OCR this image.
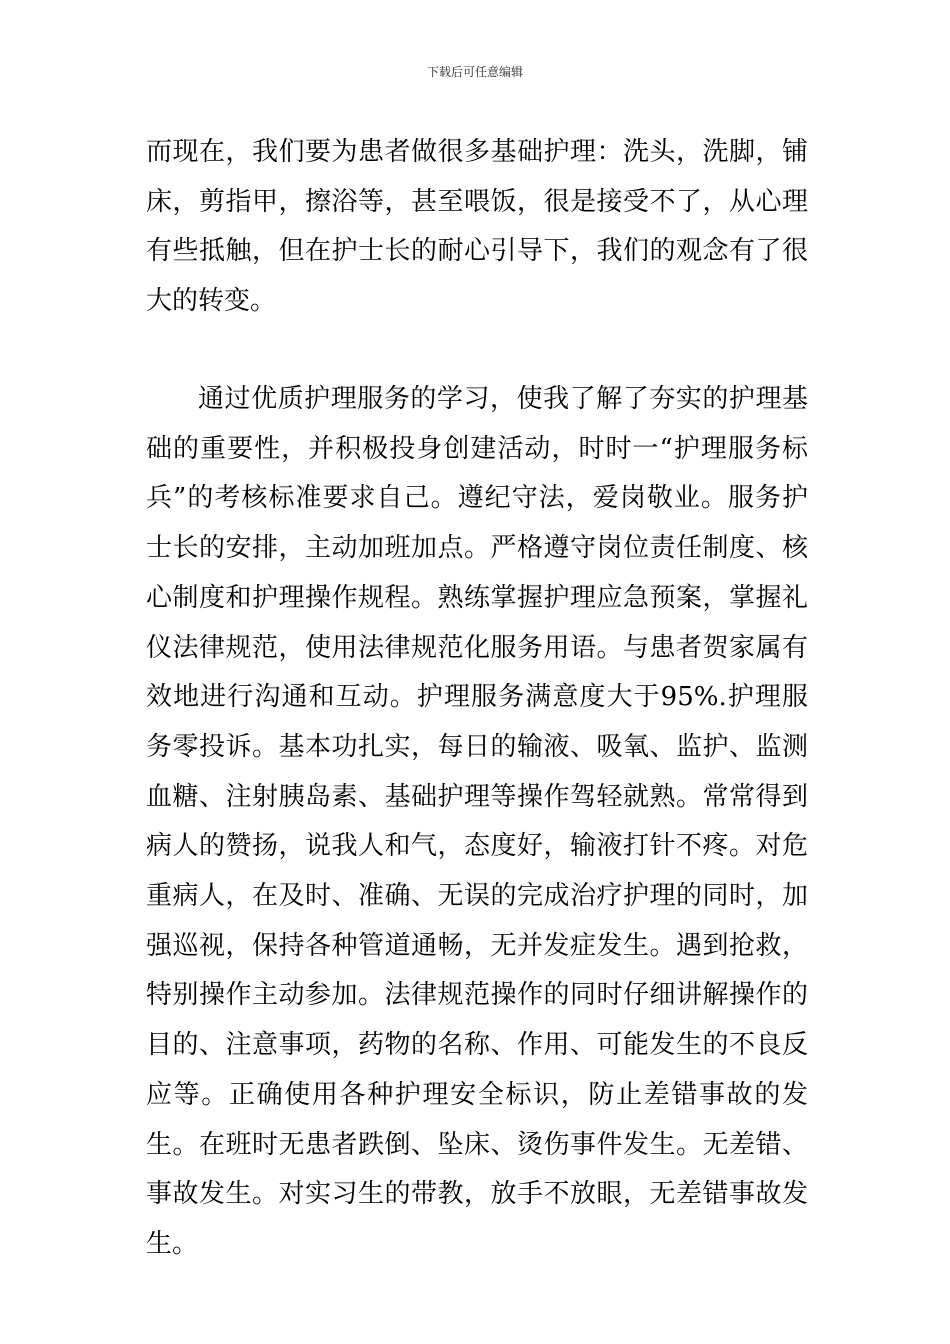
下载后可任意编辑

而现在，我们要为患者做很多基础护理：洗头，洗脚，铺床，剪指甲，擦浴等，甚至喂饭，很是接受不了，从心理有些抵触，但在护士长的耐心引导下，我们的观念有了很大的转变。

通过优质护理服务的学习，使我了解了夯实的护理基础的重要性，并积极投身创建活动，时时一“护理服务标兵”的考核标准要求自己。遵纪守法，爱岗敬业。服务护士长的安排，主动加班加点。严格遵守岗位责任制度、核心制度和护理操作规程。熟练掌握护理应急预案，掌握礼仪法律规范，使用法律规范化服务用语。与患者贺家属有效地进行沟通和互动。护理服务满意度大于95%.护理服务零投诉。基本功扎实，每日的输液、吸氧、监护、监测血糖、注射胰岛素、基础护理等操作驾轻就熟。常常得到病人的赞扬，说我人和气，态度好，输液打针不疼。对危重病人，在及时、准确、无误的完成治疗护理的同时，加强巡视，保持各种管道通畅，无并发症发生。遇到抢救，特别操作主动参加。法律规范操作的同时仔细讲解操作的目的、注意事项，药物的名称、作用、可能发生的不良反应等。正确使用各种护理安全标识，防止差错事故的发生。在班时无患者跌倒、坠床、烫伤事件发生。无差错、事故发生。对实习生的带教，放手不放眼，无差错事故发生。
